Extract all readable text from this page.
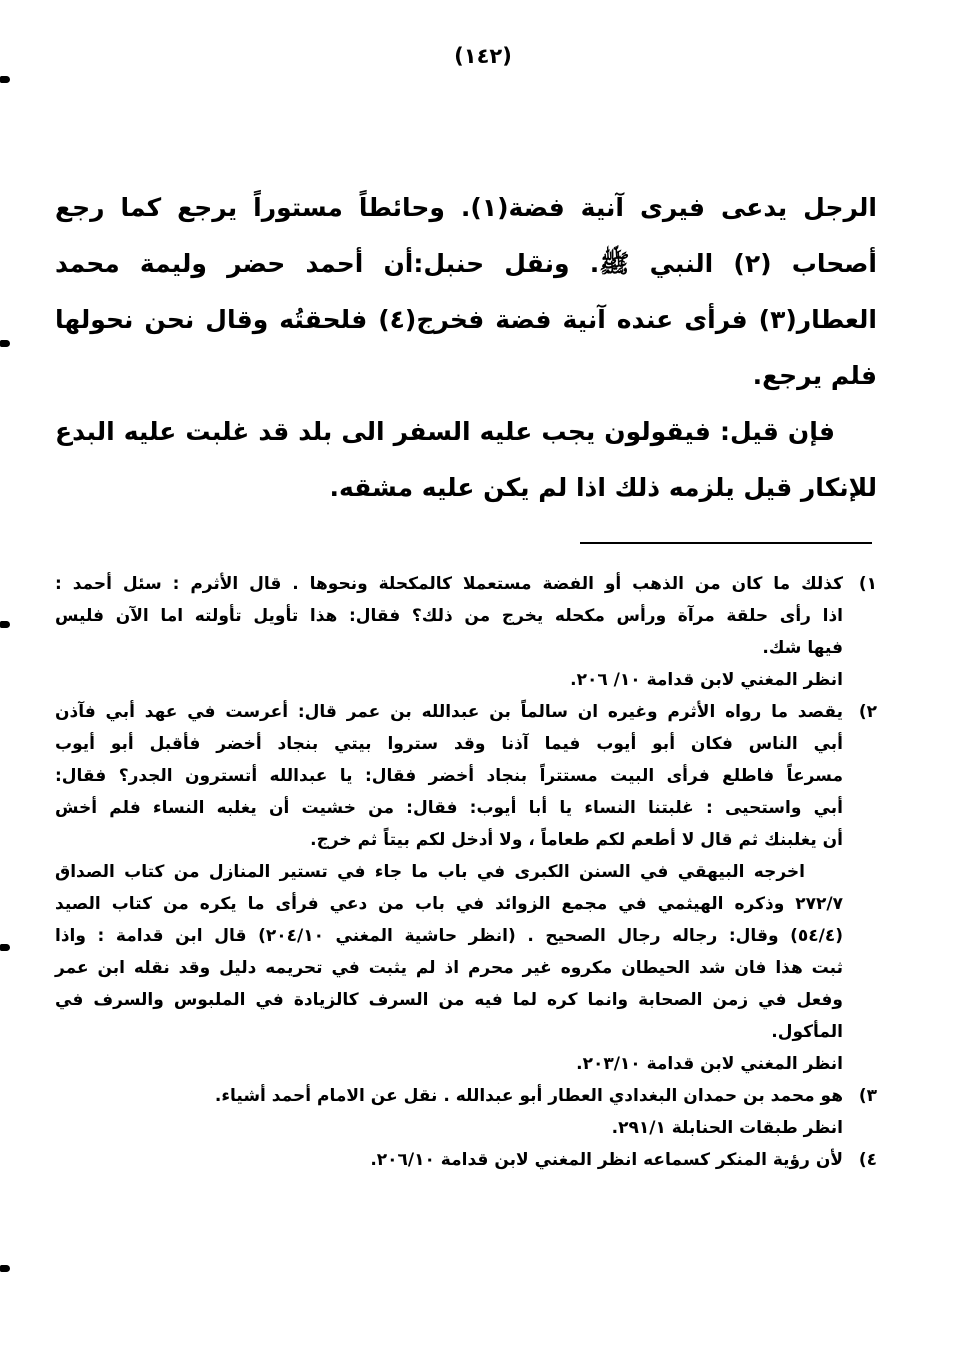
(١٤٢)

الرجل يدعى فيرى آنية فضة(١). وحائطاً مستوراً يرجع كما رجع أصحاب (٢) النبي ﷺ. ونقل حنبل:أن أحمد حضر وليمة محمد العطار(٣) فرأى عنده آنية فضة فخرج(٤) فلحقتُه وقال نحن نحولها فلم يرجع.

فإن قيل: فيقولون يجب عليه السفر الى بلد قد غلبت عليه البدع للإنكار قيل يلزمه ذلك اذا لم يكن عليه مشقه.

١)
كذلك ما كان من الذهب أو الفضة مستعملا كالمكحلة ونحوها . قال الأثرم : سئل أحمد :
اذا رأى حلقة مرآة ورأس مكحله يخرج من ذلك؟ فقال: هذا تأويل تأولته اما الآن فليس
فيها شك.
انظر المغني لابن قدامة ١٠/ ٢٠٦.
٢)
يقصد ما رواه الأثرم وغيره ان سالماً بن عبدالله بن عمر قال: أعرست في عهد أبي فآذن
أبي الناس فكان أبو أيوب فيما آذنا وقد ستروا بيتي بنجاد أخضر فأقبل أبو أيوب
مسرعاً فاطلع فرأى البيت مستتراً بنجاد أخضر فقال: يا عبدالله أتسترون الجدر؟ فقال:
أبي واستحيى : غلبتنا النساء يا أبا أيوب: فقال: من خشيت أن يغلبه النساء فلم أخش
أن يغلبنك ثم قال لا أطعم لكم طعاماً ، ولا أدخل لكم بيتاً ثم خرج.
اخرجه البيهقي في السنن الكبرى في باب ما جاء في تستير المنازل من كتاب الصداق
٢٧٢/٧ وذكره الهيثمي في مجمع الزوائد في باب من دعي فرأى ما يكره من كتاب الصيد
(٥٤/٤) وقال: رجاله رجال الصحيح . (انظر حاشية المغني ٢٠٤/١٠) قال ابن قدامة : واذا
ثبت هذا فان شد الحيطان مكروه غير محرم اذ لم يثبت في تحريمه دليل وقد نقله ابن عمر
وفعل في زمن الصحابة وانما كره لما فيه من السرف كالزيادة في الملبوس والسرف في
المأكول.
انظر المغني لابن قدامة ٢٠٣/١٠.
٣)
هو محمد بن حمدان البغدادي العطار أبو عبدالله . نقل عن الامام أحمد أشياء.
انظر طبقات الحنابلة ٢٩١/١.
٤)
لأن رؤية المنكر كسماعه انظر المغني لابن قدامة ٢٠٦/١٠.
